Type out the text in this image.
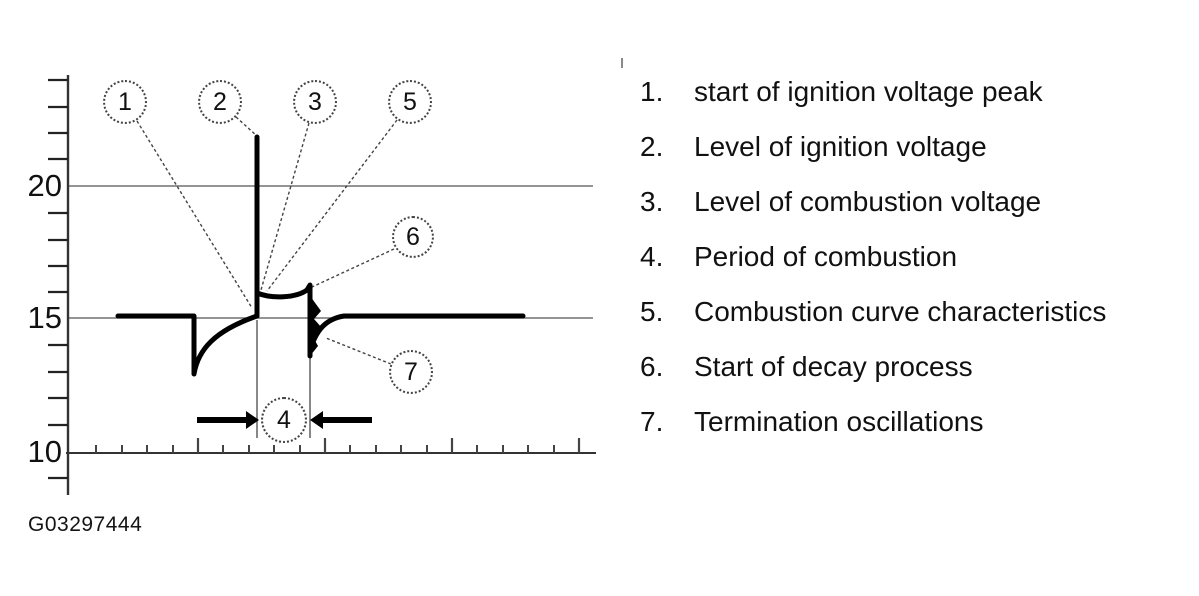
20
15
10
1	2	3	5
6
7
4
1.	start of ignition voltage peak
2.	Level of ignition voltage
3.	Level of combustion voltage
4.	Period of combustion
5.	Combustion curve characteristics
6.	Start of decay process
7.	Termination oscillations
G03297444
